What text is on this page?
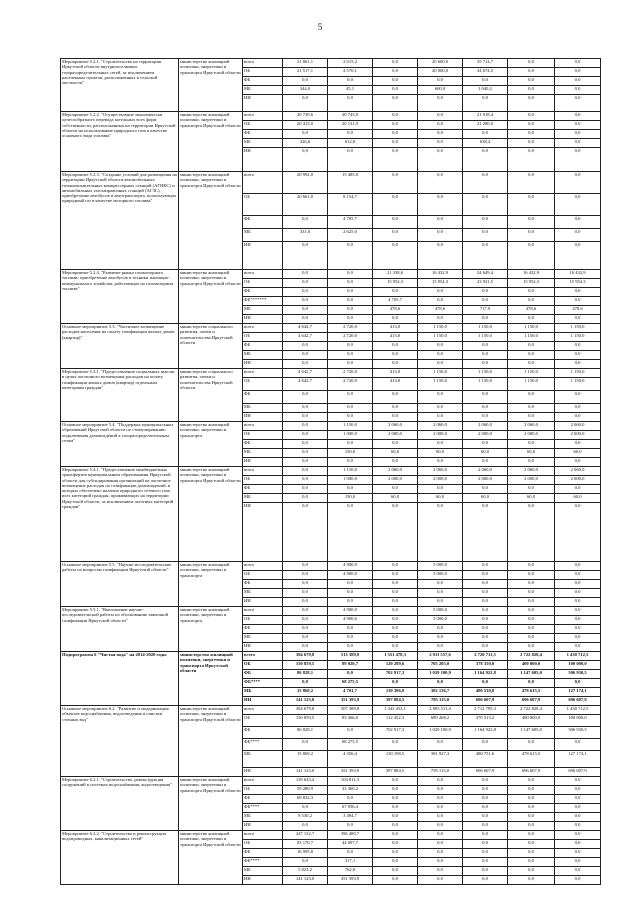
5
Мероприятие 5.2.1. "Строительство на территории Иркутской области внутрипоселковых газораспределительных сетей, за исключением населенных пунктов, расположенных в сельской местности"	министерство жилищной политики, энергетики и транспорта Иркутской области	всего	21 861,1	2 615,2	0,0	20 600,0	35 714,7	0,0	0,0
		ОБ	21 517,1	2 570,1	0,0	20 000,0	34 674,5	0,0	0,0
		ФБ	0,0	0,0	0,0	0,0	0,0	0,0	0,0
		МБ	344,0	45,1	0,0	600,0	1 040,2	0,0	0,0
		ИИ	0,0	0,0	0,0	0,0	0,0	0,0	0,0
Мероприятие 5.2.2. "Осуществление экономически целесообразного перевода котельных всех форм собственности, расположенных на территории Иркутской области на использование природного газа в качестве основного вида топлива"	министерство жилищной политики, энергетики и транспорта Иркутской области	всего	20 739,6	20 743,9	0,0	0,0	21 918,4	0,0	0,0
		ОБ	20 413,0	20 131,9	0,0	0,0	21 280,0	0,0	0,0
		ФБ	0,0	0,0	0,0	0,0	0,0	0,0	0,0
		МБ	326,6	612,0	0,0	0,0	638,4	0,0	0,0
		ИИ	0,0	0,0	0,0	0,0	0,0	0,0	0,0
Мероприятие 5.2.3. "Создание условий для размещения на территории Иркутской области автомобильных газонаполнительных компрессорных станций (АГНКС) и автомобильных газозаправочных станций (АГЗС), приобретение автобусов и автотранспорта, использующих природный газ в качестве моторного топлива"	министерство жилищной политики, энергетики и транспорта Иркутской области	всего	20 992,0	15 485,0	0,0	0,0	0,0	0,0	0,0
		ОБ	20 661,0	8 154,7	0,0	0,0	0,0	0,0	0,0
		ФБ	0,0	4 705,7	0,0	0,0	0,0	0,0	0,0
		МБ	331,0	2 625,0	0,0	0,0	0,0	0,0	0,0
		ИИ	0,0	0,0	0,0	0,0	0,0	0,0	0,0
Мероприятие 5.2.4. "Развитие рынка газомоторного топлива: приобретение автобусов и техники жилищно-коммунального хозяйства, работающих на газомоторном топливе"	министерство жилищной политики, энергетики и транспорта Иркутской области	всего	0,0	0,0	21 338,6	16 432,9	24 649,4	16 432,9	16 432,9
		ОБ	0,0	0,0	15 954,3	15 954,3	23 931,5	15 954,3	15 954,3
		ФБ	0,0	0,0	0,0	0,0	0,0	0,0	0,0
		ФБ*******	0,0	0,0	4 705,7	0,0	0,0	0,0	0,0
		МБ	0,0	0,0	478,6	478,6	717,9	478,6	478,6
		ИИ	0,0	0,0	0,0	0,0	0,0	0,0	0,0
Основное мероприятие 5.3. "Частичное возмещение расходов населения на оплату газификации жилых домов (квартир)"	министерство социального развития, опеки и попечительства Иркутской области	всего	4 642,7	2 720,0	413,0	1 150,0	1 150,0	1 150,0	1 150,0
		ОБ	4 642,7	2 720,0	413,0	1 150,0	1 150,0	1 150,0	1 150,0
		ФБ	0,0	0,0	0,0	0,0	0,0	0,0	0,0
		МБ	0,0	0,0	0,0	0,0	0,0	0,0	0,0
		ИИ	0,0	0,0	0,0	0,0	0,0	0,0	0,0
Мероприятие 5.3.1. "Предоставление социальных выплат в целях частичного возмещения расходов на оплату газификации жилых домов (квартир) отдельным категориям граждан"	министерство социального развития, опеки и попечительства Иркутской области	всего	4 642,7	2 720,0	413,0	1 150,0	1 150,0	1 150,0	1 150,0
		ОБ	4 642,7	2 720,0	413,0	1 150,0	1 150,0	1 150,0	1 150,0
		ФБ	0,0	0,0	0,0	0,0	0,0	0,0	0,0
		МБ	0,0	0,0	0,0	0,0	0,0	0,0	0,0
		ИИ	0,0	0,0	0,0	0,0	0,0	0,0	0,0
Основное мероприятие 5.4. "Поддержка муниципальных образований Иркутской области по стимулированию подключения домовладений к газораспределительным сетям"	министерство жилищной политики, энергетики и транспорта	всего	0,0	1 150,0	2 060,0	2 060,0	2 060,0	2 060,0	2 060,0
		ОБ	0,0	1 000,0	2 000,0	2 000,0	2 000,0	2 000,0	2 000,0
		ФБ	0,0	0,0	0,0	0,0	0,0	0,0	0,0
		МБ	0,0	150,0	60,0	60,0	60,0	60,0	60,0
		ИИ	0,0	0,0	0,0	0,0	0,0	0,0	0,0
Мероприятие 5.4.1. "Предоставление межбюджетных трансфертов муниципальным образованиям Иркутской области для субсидирования организаций на частичное возмещение расходов по газификации домовладений, в которых обеспечено наличие природного сетевого газа, всех категорий граждан, проживающих на территории Иркутской области, за исключением льготных категорий граждан"	министерство жилищной политики, энергетики и транспорта Иркутской области	всего	0,0	1 150,0	2 060,0	2 060,0	2 060,0	2 060,0	2 060,0
		ОБ	0,0	1 000,0	2 000,0	2 000,0	2 000,0	2 000,0	2 000,0
		ФБ	0,0	0,0	0,0	0,0	0,0	0,0	0,0
		МБ	0,0	150,0	60,0	60,0	60,0	60,0	60,0
		ИИ	0,0	0,0	0,0	0,0	0,0	0,0	0,0
Основное мероприятие 5.5. "Научно-исследовательские работы по вопросам газификации Иркутской области"	министерство жилищной политики, энергетики и транспорта	всего	0,0	4 900,0	0,0	5 000,0	0,0	0,0	0,0
		ОБ	0,0	4 900,0	0,0	5 000,0	0,0	0,0	0,0
		ФБ	0,0	0,0	0,0	0,0	0,0	0,0	0,0
		МБ	0,0	0,0	0,0	0,0	0,0	0,0	0,0
		ИИ	0,0	0,0	0,0	0,0	0,0	0,0	0,0
Мероприятие 5.5.1. "Выполнение научно-исследовательской работы по обоснованию заявочной газификации Иркутской области"	министерство жилищной политики, энергетики и транспорта	всего	0,0	4 900,0	0,0	5 000,0	0,0	0,0	0,0
		ОБ	0,0	4 900,0	0,0	5 000,0	0,0	0,0	0,0
		ФБ	0,0	0,0	0,0	0,0	0,0	0,0	0,0
		МБ	0,0	0,0	0,0	0,0	0,0	0,0	0,0
		ИИ	0,0	0,0	0,0	0,0	0,0	0,0	0,0
Подпрограмма 6 "Чистая вода" на 2014-2020 годы	министерство жилищной политики, энергетики и транспорта Иркутской области	всего	394 679,8	513 389,8	1 351 478,3	2 911 557,6	2 720 711,5	2 722 828,4	1 430 712,5
		ОБ	150 859,5	89 020,7	120 289,6	705 205,0	378 350,0	400 000,0	100 000,0
		ФБ	86 828,1	0,0	702 917,3	1 029 100,9	1 164 922,8	1 147 605,0	506 930,5
		ФБ****	0,0	68 275,5	0,0	0,0	0,0	0,0	0,0
		МБ	15 869,2	4 701,7	130 386,9	382 136,7	480 530,8	478 615,5	127 174,1
		ИИ	141 123,0	351 393,9	397 884,5	795 115,0	696 607,9	696 607,9	696 607,9
Основное мероприятие 6.2. "Развитие и модернизация объектов водоснабжения, водоотведения и очистки сточных вод"	министерство жилищной политики, энергетики и транспорта Иркутской области	всего	394 679,8	507 389,8	1 343 453,1	2 895 511,4	2 712 795,3	2 722 828,4	1 430 712,5
		ОБ	150 859,5	83 366,0	112 452,3	689 268,2	370 513,2	400 000,0	100 000,0
		ФБ	86 828,1	0,0	702 917,3	1 029 100,9	1 164 922,8	1 147 605,0	506 930,5
		ФБ****	0,0	68 275,5	0,0	0,0	0,0	0,0	0,0
		МБ	15 869,2	4 356,4	130 198,5	381 927,3	480 751,6	478 615,5	127 174,1
		ИИ	141 123,0	351 393,9	397 884,5	795 115,0	696 607,9	696 607,9	696 607,9
Мероприятие 6.2.1. "Строительство, реконструкция сооружений в системах водоснабжения, водоотведения"	министерство жилищной политики, энергетики и транспорта Иркутской области	всего	139 643,4	104 811,3	0,0	0,0	0,0	0,0	0,0
		ОБ	59 280,9	33 360,2	0,0	0,0	0,0	0,0	0,0
		ФБ	69 832,3	0,0	0,0	0,0	0,0	0,0	0,0
		ФБ****	0,0	67 956,4	0,0	0,0	0,0	0,0	0,0
		МБ	9 530,2	3 494,7	0,0	0,0	0,0	0,0	0,0
		ИИ	0,0	0,0	0,0	0,0	0,0	0,0	0,0
Мероприятие 6.2.2. "Строительство и реконструкция водопроводных, канализационных сетей"	министерство жилищной политики, энергетики и транспорта Иркутской области	всего	247 132,7	396 480,7	0,0	0,0	0,0	0,0	0,0
		ОБ	83 170,7	44 007,7	0,0	0,0	0,0	0,0	0,0
		ФБ	16 995,8	0,0	0,0	0,0	0,0	0,0	0,0
		ФБ****	0,0	317,1	0,0	0,0	0,0	0,0	0,0
		МБ	5 823,2	762,0	0,0	0,0	0,0	0,0	0,0
		ИИ	141 123,0	351 393,9	0,0	0,0	0,0	0,0	0,0
